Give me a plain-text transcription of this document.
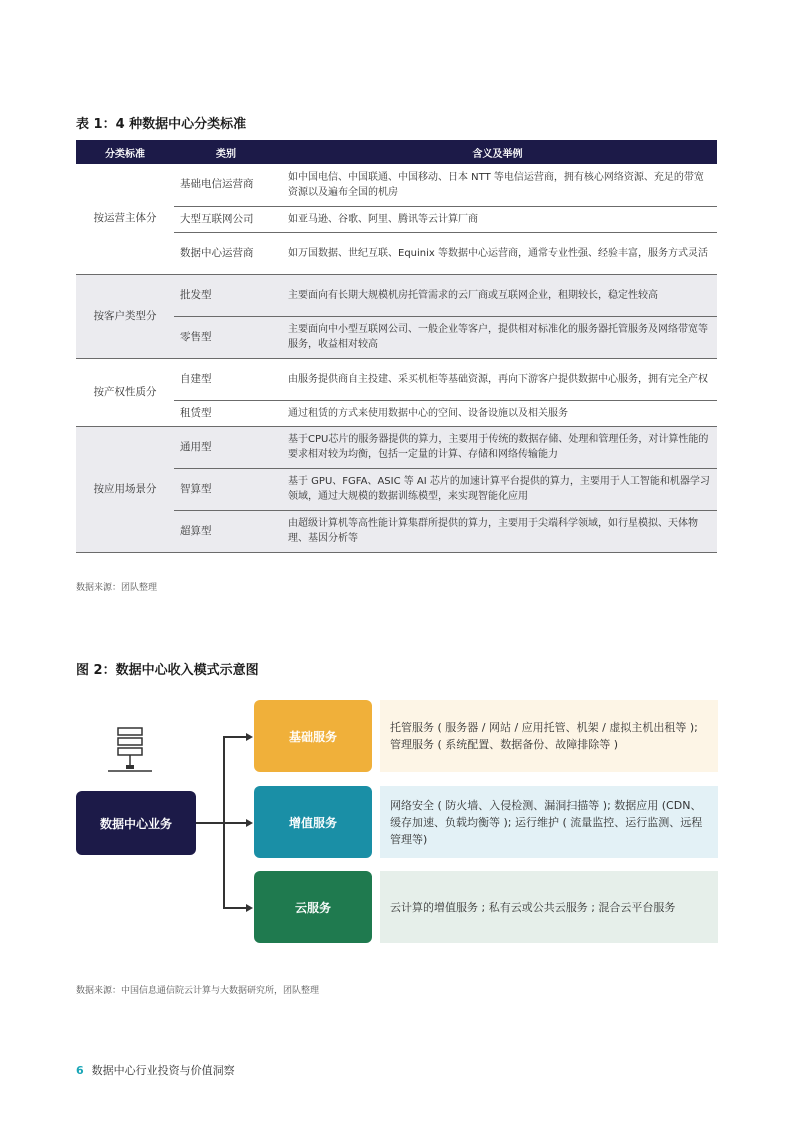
表 1：4 种数据中心分类标准
分类标准	类别	含义及举例
按运营主体分	基础电信运营商	如中国电信、中国联通、中国移动、日本 NTT 等电信运营商，拥有核心网络资源、充足的带宽资源以及遍布全国的机房
	大型互联网公司	如亚马逊、谷歌、阿里、腾讯等云计算厂商
	数据中心运营商	如万国数据、世纪互联、Equinix 等数据中心运营商，通常专业性强、经验丰富，服务方式灵活
按客户类型分	批发型	主要面向有长期大规模机房托管需求的云厂商或互联网企业，租期较长，稳定性较高
	零售型	主要面向中小型互联网公司、一般企业等客户，提供相对标准化的服务器托管服务及网络带宽等服务，收益相对较高
按产权性质分	自建型	由服务提供商自主投建、采买机柜等基础资源，再向下游客户提供数据中心服务，拥有完全产权
	租赁型	通过租赁的方式来使用数据中心的空间、设备设施以及相关服务
按应用场景分	通用型	基于CPU芯片的服务器提供的算力，主要用于传统的数据存储、处理和管理任务，对计算性能的要求相对较为均衡，包括一定量的计算、存储和网络传输能力
	智算型	基于 GPU、FGFA、ASIC 等 AI 芯片的加速计算平台提供的算力，主要用于人工智能和机器学习领域，通过大规模的数据训练模型，来实现智能化应用
	超算型	由超级计算机等高性能计算集群所提供的算力，主要用于尖端科学领域，如行星模拟、天体物理、基因分析等
数据来源：团队整理
图 2：数据中心收入模式示意图
数据中心业务
基础服务
托管服务 ( 服务器 / 网站 / 应用托管、机架 / 虚拟主机出租等 ); 管理服务 ( 系统配置、数据备份、故障排除等 )
增值服务
网络安全 ( 防火墙、入侵检测、漏洞扫描等 ); 数据应用 (CDN、缓存加速、负载均衡等 ); 运行维护 ( 流量监控、运行监测、远程管理等)
云服务	云计算的增值服务 ; 私有云或公共云服务 ; 混合云平台服务
数据来源：中国信息通信院云计算与大数据研究所，团队整理
6 数据中心行业投资与价值洞察
